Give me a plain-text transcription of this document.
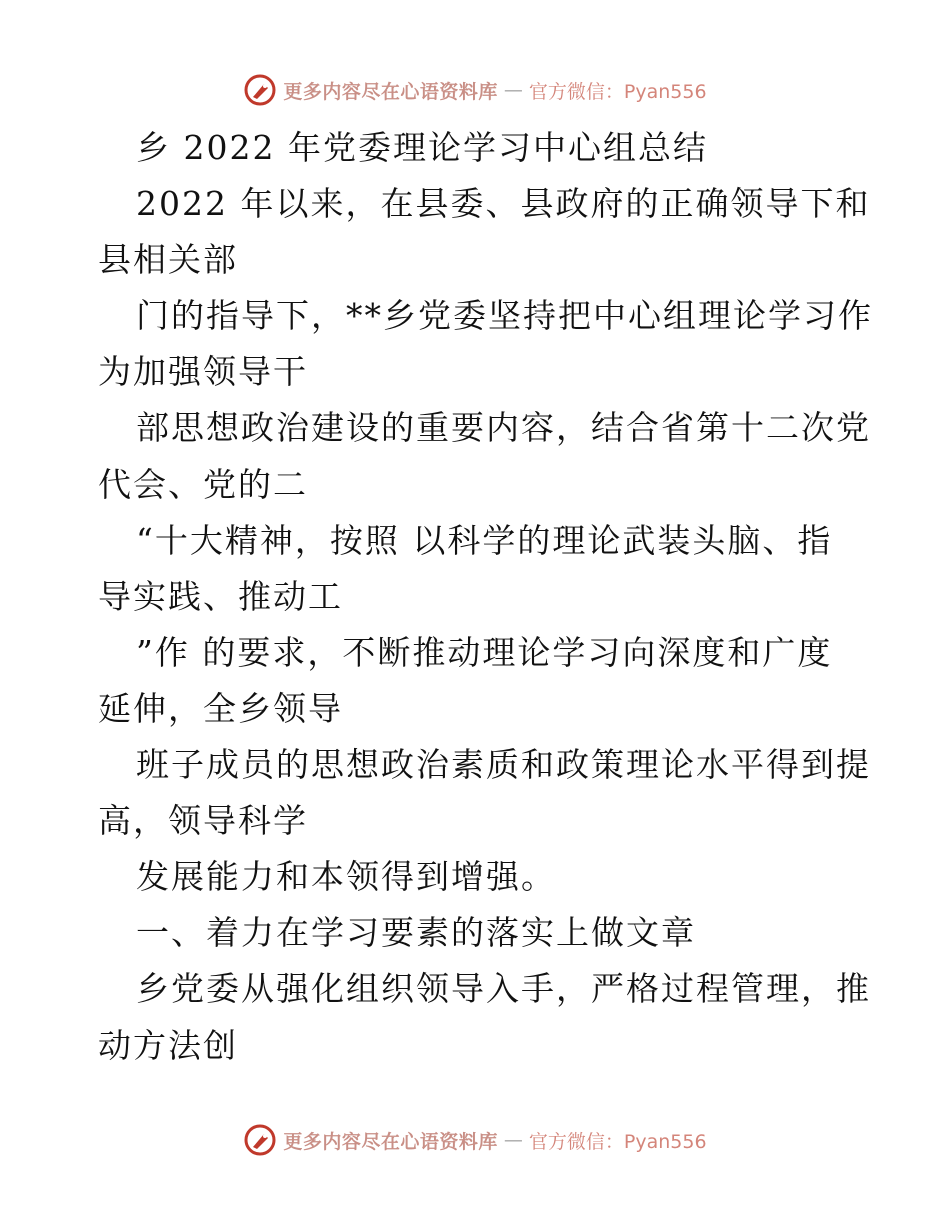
更多内容尽在心语资料库 — 官方微信：Pyan556

乡 2022 年党委理论学习中心组总结

2022 年以来，在县委、县政府的正确领导下和

县相关部

门的指导下，**乡党委坚持把中心组理论学习作

为加强领导干

部思想政治建设的重要内容，结合省第十二次党

代会、党的二

“十大精神，按照 以科学的理论武装头脑、指

导实践、推动工

”作 的要求，不断推动理论学习向深度和广度

延伸，全乡领导

班子成员的思想政治素质和政策理论水平得到提

高，领导科学

发展能力和本领得到增强。

一、着力在学习要素的落实上做文章

乡党委从强化组织领导入手，严格过程管理，推

动方法创

更多内容尽在心语资料库 — 官方微信：Pyan556
